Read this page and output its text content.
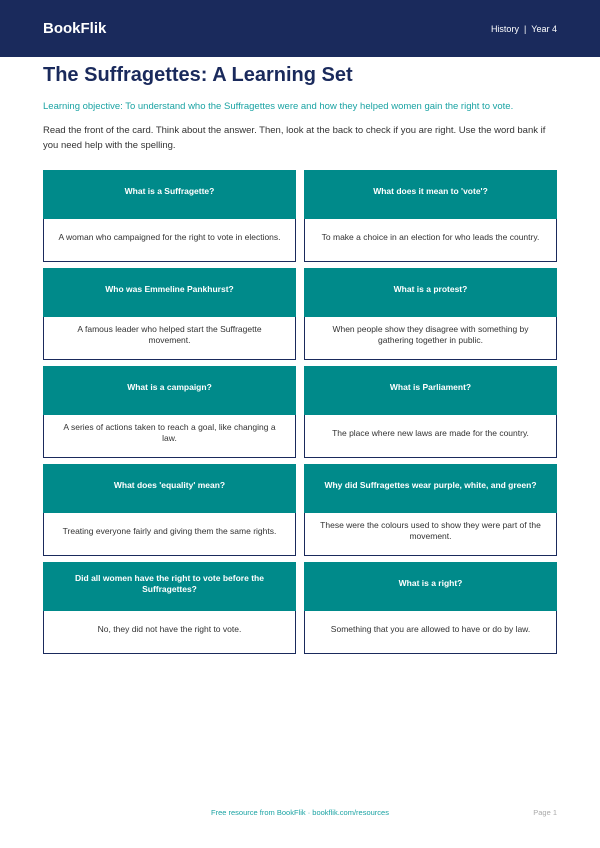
BookFlik	History | Year 4
The Suffragettes: A Learning Set
Learning objective: To understand who the Suffragettes were and how they helped women gain the right to vote.
Read the front of the card. Think about the answer. Then, look at the back to check if you are right. Use the word bank if you need help with the spelling.
What is a Suffragette?
A woman who campaigned for the right to vote in elections.
What does it mean to 'vote'?
To make a choice in an election for who leads the country.
Who was Emmeline Pankhurst?
A famous leader who helped start the Suffragette movement.
What is a protest?
When people show they disagree with something by gathering together in public.
What is a campaign?
A series of actions taken to reach a goal, like changing a law.
What is Parliament?
The place where new laws are made for the country.
What does 'equality' mean?
Treating everyone fairly and giving them the same rights.
Why did Suffragettes wear purple, white, and green?
These were the colours used to show they were part of the movement.
Did all women have the right to vote before the Suffragettes?
No, they did not have the right to vote.
What is a right?
Something that you are allowed to have or do by law.
Free resource from BookFlik · bookflik.com/resources	Page 1
